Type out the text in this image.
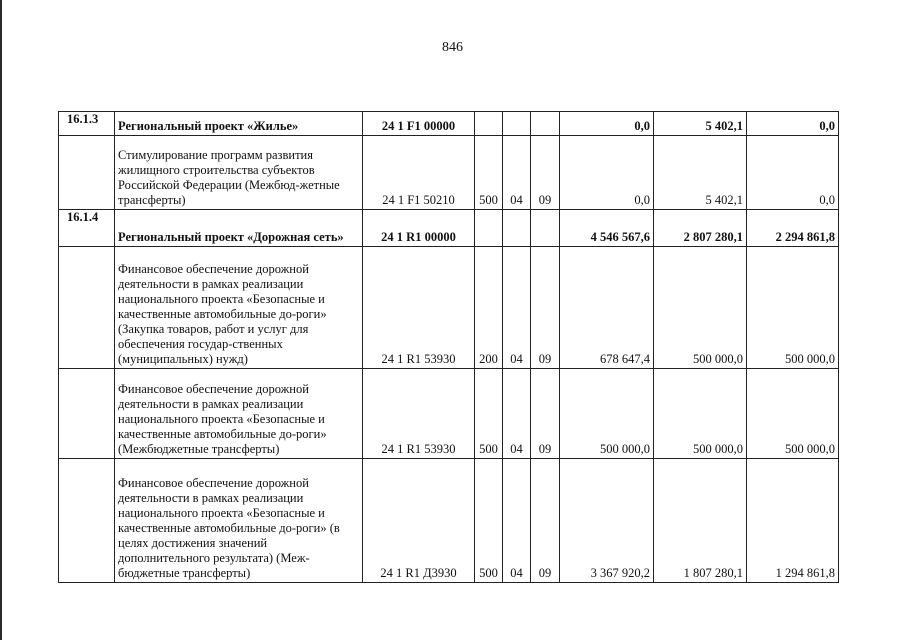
846
16.1.3	Региональный проект «Жилье»	24 1 F1 00000				0,0	5 402,1	0,0
	Стимулирование программ развития жилищного строительства субъектов Российской Федерации (Межбюд-жетные трансферты)	24 1 F1 50210	500	04	09	0,0	5 402,1	0,0
16.1.4	Региональный проект «Дорожная сеть»	24 1 R1 00000				4 546 567,6	2 807 280,1	2 294 861,8
	Финансовое обеспечение дорожной деятельности в рамках реализации национального проекта «Безопасные и качественные автомобильные до-роги» (Закупка товаров, работ и услуг для обеспечения государ-ственных (муниципальных) нужд)	24 1 R1 53930	200	04	09	678 647,4	500 000,0	500 000,0
	Финансовое обеспечение дорожной деятельности в рамках реализации национального проекта «Безопасные и качественные автомобильные до-роги» (Межбюджетные трансферты)	24 1 R1 53930	500	04	09	500 000,0	500 000,0	500 000,0
	Финансовое обеспечение дорожной деятельности в рамках реализации национального проекта «Безопасные и качественные автомобильные до-роги» (в целях достижения значений дополнительного результата) (Меж-бюджетные трансферты)	24 1 R1 Д3930	500	04	09	3 367 920,2	1 807 280,1	1 294 861,8
